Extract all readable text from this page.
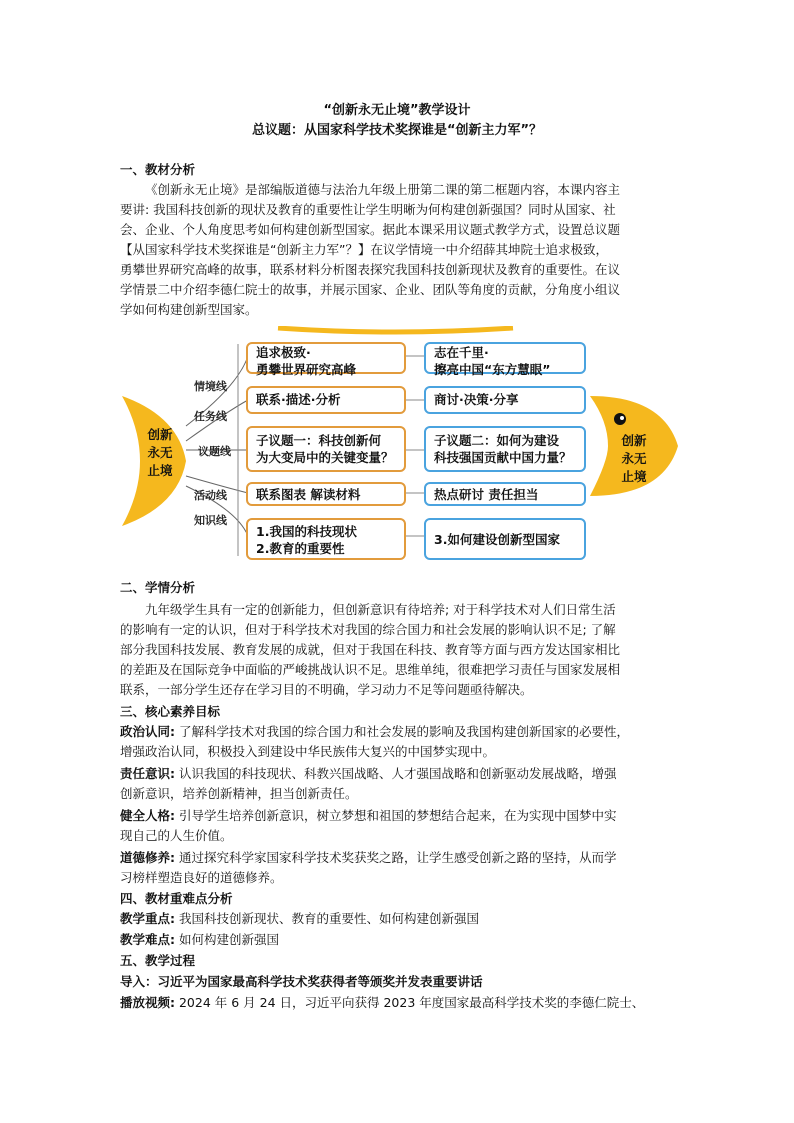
“创新永无止境”教学设计
总议题：从国家科学技术奖探谁是“创新主力军”？
一、教材分析
《创新永无止境》是部编版道德与法治九年级上册第二课的第二框题内容，本课内容主
要讲: 我国科技创新的现状及教育的重要性让学生明晰为何构建创新强国？同时从国家、社
会、企业、个人角度思考如何构建创新型国家。据此本课采用议题式教学方式，设置总议题
【从国家科学技术奖探谁是“创新主力军”？】在议学情境一中介绍薛其坤院士追求极致，
勇攀世界研究高峰的故事，联系材料分析图表探究我国科技创新现状及教育的重要性。在议
学情景二中介绍李德仁院士的故事，并展示国家、企业、团队等角度的贡献，分角度小组议
学如何构建创新型国家。
创新
永无
止境
创新
永无
止境
情境线
任务线
议题线
活动线
知识线
追求极致·
勇攀世界研究高峰
志在千里·
擦亮中国“东方慧眼”
联系·描述·分析	商讨·决策·分享
子议题一：科技创新何
为大变局中的关键变量？
子议题二：如何为建设
科技强国贡献中国力量？
联系图表 解读材料	热点研讨 责任担当
1.我国的科技现状
2.教育的重要性
3.如何建设创新型国家
二、学情分析
九年级学生具有一定的创新能力，但创新意识有待培养; 对于科学技术对人们日常生活
的影响有一定的认识，但对于科学技术对我国的综合国力和社会发展的影响认识不足; 了解
部分我国科技发展、教育发展的成就，但对于我国在科技、教育等方面与西方发达国家相比
的差距及在国际竞争中面临的严峻挑战认识不足。思维单纯，很难把学习责任与国家发展相
联系，一部分学生还存在学习目的不明确，学习动力不足等问题亟待解决。
三、核心素养目标
政治认同: 了解科学技术对我国的综合国力和社会发展的影响及我国构建创新国家的必要性，
增强政治认同，积极投入到建设中华民族伟大复兴的中国梦实现中。
责任意识: 认识我国的科技现状、科教兴国战略、人才强国战略和创新驱动发展战略，增强
创新意识，培养创新精神，担当创新责任。
健全人格: 引导学生培养创新意识，树立梦想和祖国的梦想结合起来，在为实现中国梦中实
现自己的人生价值。
道德修养: 通过探究科学家国家科学技术奖获奖之路，让学生感受创新之路的坚持，从而学
习榜样塑造良好的道德修养。
四、教材重难点分析
教学重点: 我国科技创新现状、教育的重要性、如何构建创新强国
教学难点: 如何构建创新强国
五、教学过程
导入：习近平为国家最高科学技术奖获得者等颁奖并发表重要讲话
播放视频: 2024 年 6 月 24 日，习近平向获得 2023 年度国家最高科学技术奖的李德仁院士、
